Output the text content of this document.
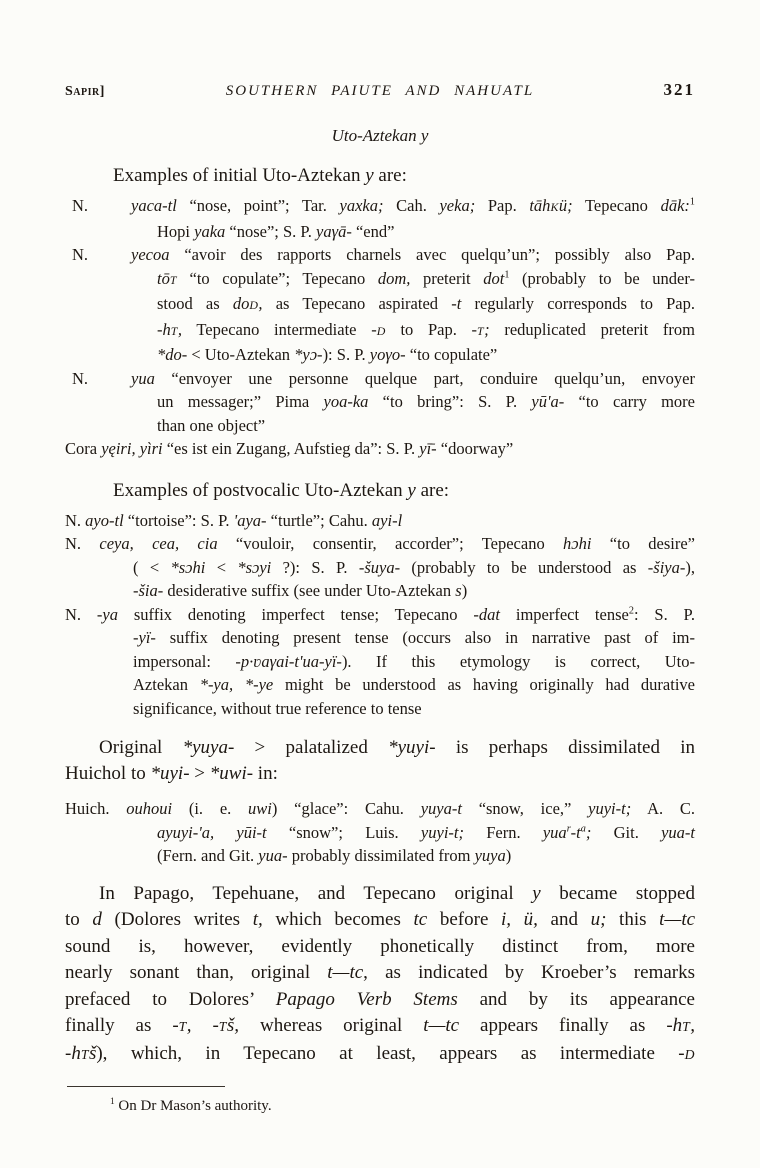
Sapir]	SOUTHERN PAIUTE AND NAHUATL	321
Uto-Aztekan y
Examples of initial Uto-Aztekan y are:
N.	yaca-tl “nose, point”; Tar. yaxka; Cah. yeka; Pap. tāhKü; Tepecano dāk:$^1$
Hopi yaka “nose”; S. P. yaγā- “end”
N.	yecoa “avoir des rapports charnels avec quelqu’un”; possibly also Pap.
tōT “to copulate”; Tepecano dom, preterit dot$^1$ (probably to be under-
stood as doD, as Tepecano aspirated -t regularly corresponds to Pap.
-hT, Tepecano intermediate -D to Pap. -T; reduplicated preterit from
*do- < Uto-Aztekan *yɔ-): S. P. yoγo- “to copulate”
N.	yua “envoyer une personne quelque part, conduire quelqu’un, envoyer
un messager;” Pima yoa-ka “to bring”: S. P. yū'a- “to carry more
than one object”
Cora yęiri, yìri “es ist ein Zugang, Aufstieg da”: S. P. yī̄- “doorway”
Examples of postvocalic Uto-Aztekan y are:
N. ayo-tl “tortoise”: S. P. 'aya- “turtle”; Cahu. ayi-l
N. ceya, cea, cia “vouloir, consentir, accorder”; Tepecano hɔhi “to desire”
( < *sɔhi < *sɔyi ?): S. P. -šuya- (probably to be understood as -šiya-),
-šia- desiderative suffix (see under Uto-Aztekan s)
N. -ya suffix denoting imperfect tense; Tepecano -dat imperfect tense$^2$: S. P.
-yï- suffix denoting present tense (occurs also in narrative past of im-
impersonal: -p·ʋaγai-t'ua-yï-). If this etymology is correct, Uto-
Aztekan *-ya, *-ye might be understood as having originally had durative
significance, without true reference to tense
Original *yuya- > palatalized *yuyi- is perhaps dissimilated in
Huichol to *uyi- > *uwi- in:
Huich. ouhoui (i. e. uwi) “glace”: Cahu. yuya-t “snow, ice,” yuyi-t; A. C.
ayuyi-'a, yūi-t “snow”; Luis. yuyi-t; Fern. $yua^r-t^a$; Git. yua-t
(Fern. and Git. yua- probably dissimilated from yuya)
In Papago, Tepehuane, and Tepecano original y became stopped
to d (Dolores writes t, which becomes tc before i, ü, and u; this t—tc
sound is, however, evidently phonetically distinct from, more
nearly sonant than, original t—tc, as indicated by Kroeber’s remarks
prefaced to Dolores’ Papago Verb Stems and by its appearance
finally as -T, -Tš, whereas original t—tc appears finally as -hT,
-hTš), which, in Tepecano at least, appears as intermediate -D
$^1$ On Dr Mason’s authority.
